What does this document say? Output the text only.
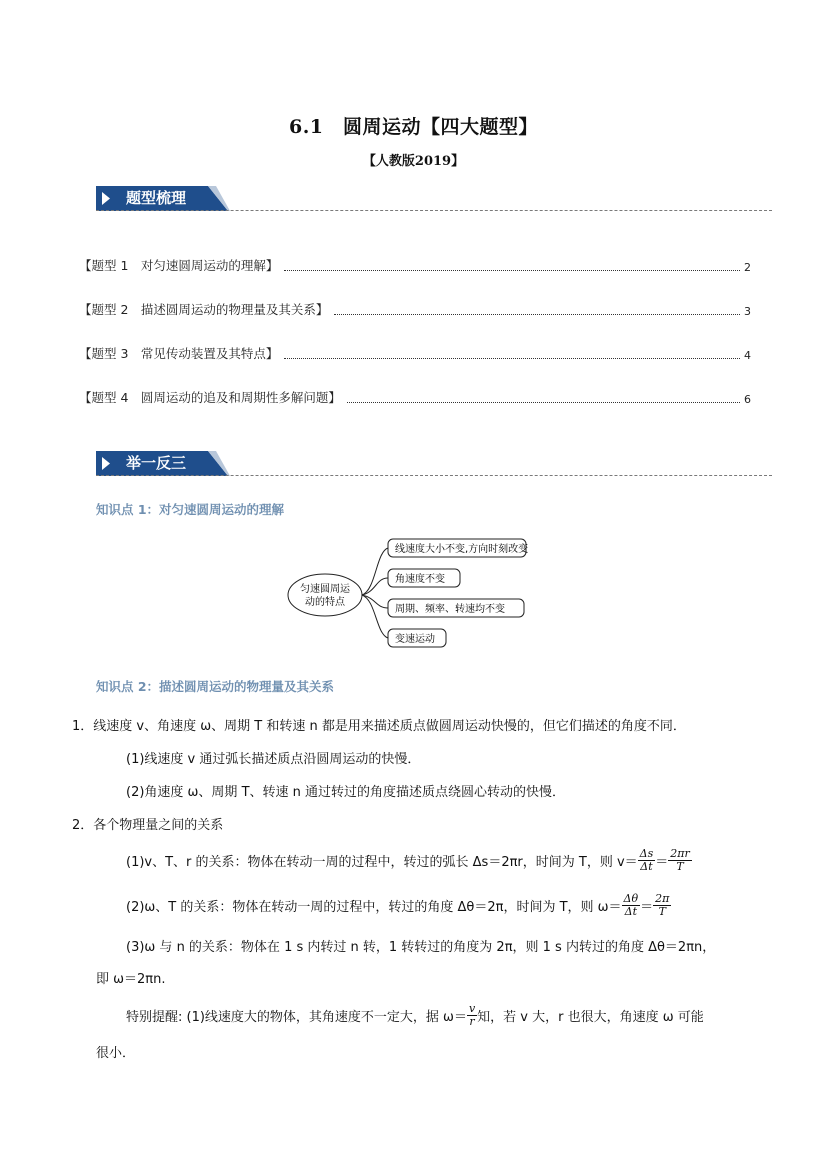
6.1　圆周运动【四大题型】
【人教版2019】
题型梳理
【题型 1　对匀速圆周运动的理解】	2
【题型 2　描述圆周运动的物理量及其关系】	3
【题型 3　常见传动装置及其特点】	4
【题型 4　圆周运动的追及和周期性多解问题】	6
举一反三
知识点 1：对匀速圆周运动的理解
匀速圆周运
动的特点
线速度大小不变,方向时刻改变
角速度不变
周期、频率、转速均不变
变速运动
知识点 2：描述圆周运动的物理量及其关系
1．线速度 v、角速度 ω、周期 T 和转速 n 都是用来描述质点做圆周运动快慢的，但它们描述的角度不同．
(1)线速度 v 通过弧长描述质点沿圆周运动的快慢．
(2)角速度 ω、周期 T、转速 n 通过转过的角度描述质点绕圆心转动的快慢．
2．各个物理量之间的关系
(1)v、T、r 的关系：物体在转动一周的过程中，转过的弧长 Δs＝2πr，时间为 T，则 $v= \frac{\Delta s}{\Delta t} = \frac{2\pi r}{T}$
(2)ω、T 的关系：物体在转动一周的过程中，转过的角度 Δθ＝2π，时间为 T，则 $\omega= \frac{\Delta\theta}{\Delta t} = \frac{2\pi}{T}$
(3)ω 与 n 的关系：物体在 1 s 内转过 n 转，1 转转过的角度为 2π，则 1 s 内转过的角度 Δθ＝2πn，
即 ω＝2πn.
特别提醒: (1)线速度大的物体，其角速度不一定大，据 $\omega= \frac{v}{r}$ 知，若 v 大，r 也很大，角速度 ω 可能
很小．
